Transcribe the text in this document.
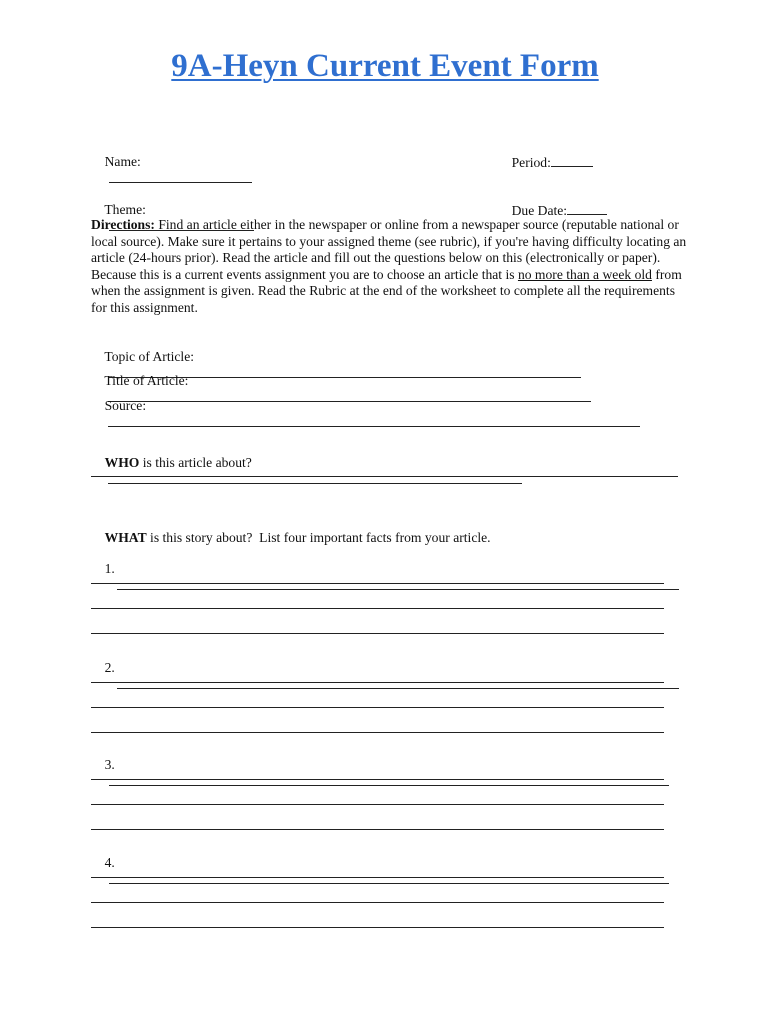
9A-Heyn Current Event Form

Name:

	Period:

Theme:

	Due Date:

Directions: Find an article either in the newspaper or online from a newspaper source (reputable national or local source). Make sure it pertains to your assigned theme (see rubric), if you're having difficulty locating an article (24-hours prior). Read the article and fill out the questions below on this (electronically or paper). Because this is a current events assignment you are to choose an article that is no more than a week old from when the assignment is given. Read the Rubric at the end of the worksheet to complete all the requirements for this assignment.

Topic of Article:

Title of Article:

Source:

WHO is this article about?

WHAT is this story about?  List four important facts from your article.

1.

2.

3.

4.
